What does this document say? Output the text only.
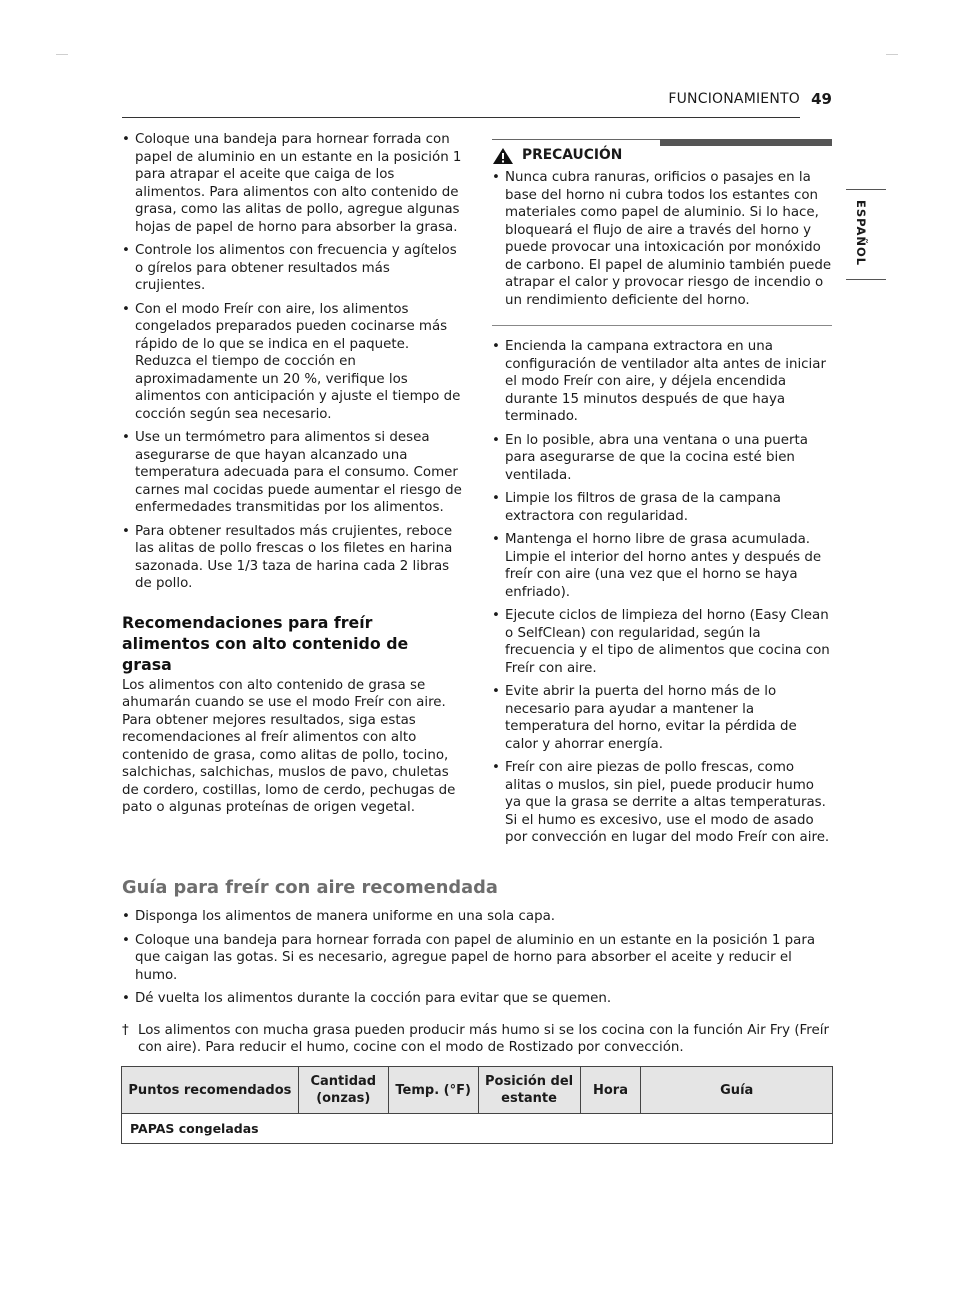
FUNCIONAMIENTO 49
ESPAÑOL
• Coloque una bandeja para hornear forrada con papel de aluminio en un estante en la posición 1 para atrapar el aceite que caiga de los alimentos. Para alimentos con alto contenido de grasa, como las alitas de pollo, agregue algunas hojas de papel de horno para absorber la grasa.
• Controle los alimentos con frecuencia y agítelos o gírelos para obtener resultados más crujientes.
• Con el modo Freír con aire, los alimentos congelados preparados pueden cocinarse más rápido de lo que se indica en el paquete. Reduzca el tiempo de cocción en aproximadamente un 20 %, verifique los alimentos con anticipación y ajuste el tiempo de cocción según sea necesario.
• Use un termómetro para alimentos si desea asegurarse de que hayan alcanzado una temperatura adecuada para el consumo. Comer carnes mal cocidas puede aumentar el riesgo de enfermedades transmitidas por los alimentos.
• Para obtener resultados más crujientes, reboce las alitas de pollo frescas o los filetes en harina sazonada. Use 1/3 taza de harina cada 2 libras de pollo.
Recomendaciones para freír alimentos con alto contenido de grasa

Los alimentos con alto contenido de grasa se ahumarán cuando se use el modo Freír con aire. Para obtener mejores resultados, siga estas recomendaciones al freír alimentos con alto contenido de grasa, como alitas de pollo, tocino, salchichas, salchichas, muslos de pavo, chuletas de cordero, costillas, lomo de cerdo, pechugas de pato o algunas proteínas de origen vegetal.

PRECAUCIÓN
• Nunca cubra ranuras, orificios o pasajes en la base del horno ni cubra todos los estantes con materiales como papel de aluminio. Si lo hace, bloqueará el flujo de aire a través del horno y puede provocar una intoxicación por monóxido de carbono. El papel de aluminio también puede atrapar el calor y provocar riesgo de incendio o un rendimiento deficiente del horno.
• Encienda la campana extractora en una configuración de ventilador alta antes de iniciar el modo Freír con aire, y déjela encendida durante 15 minutos después de que haya terminado.
• En lo posible, abra una ventana o una puerta para asegurarse de que la cocina esté bien ventilada.
• Limpie los filtros de grasa de la campana extractora con regularidad.
• Mantenga el horno libre de grasa acumulada. Limpie el interior del horno antes y después de freír con aire (una vez que el horno se haya enfriado).
• Ejecute ciclos de limpieza del horno (Easy Clean o SelfClean) con regularidad, según la frecuencia y el tipo de alimentos que cocina con Freír con aire.
• Evite abrir la puerta del horno más de lo necesario para ayudar a mantener la temperatura del horno, evitar la pérdida de calor y ahorrar energía.
• Freír con aire piezas de pollo frescas, como alitas o muslos, sin piel, puede producir humo ya que la grasa se derrite a altas temperaturas. Si el humo es excesivo, use el modo de asado por convección en lugar del modo Freír con aire.
Guía para freír con aire recomendada
• Disponga los alimentos de manera uniforme en una sola capa.
• Coloque una bandeja para hornear forrada con papel de aluminio en un estante en la posición 1 para que caigan las gotas. Si es necesario, agregue papel de horno para absorber el aceite y reducir el humo.
• Dé vuelta los alimentos durante la cocción para evitar que se quemen.
† Los alimentos con mucha grasa pueden producir más humo si se los cocina con la función Air Fry (Freír con aire). Para reducir el humo, cocine con el modo de Rostizado por convección.
Puntos recomendados	Cantidad (onzas)	Temp. (°F)	Posición del estante	Hora	Guía
PAPAS congeladas
